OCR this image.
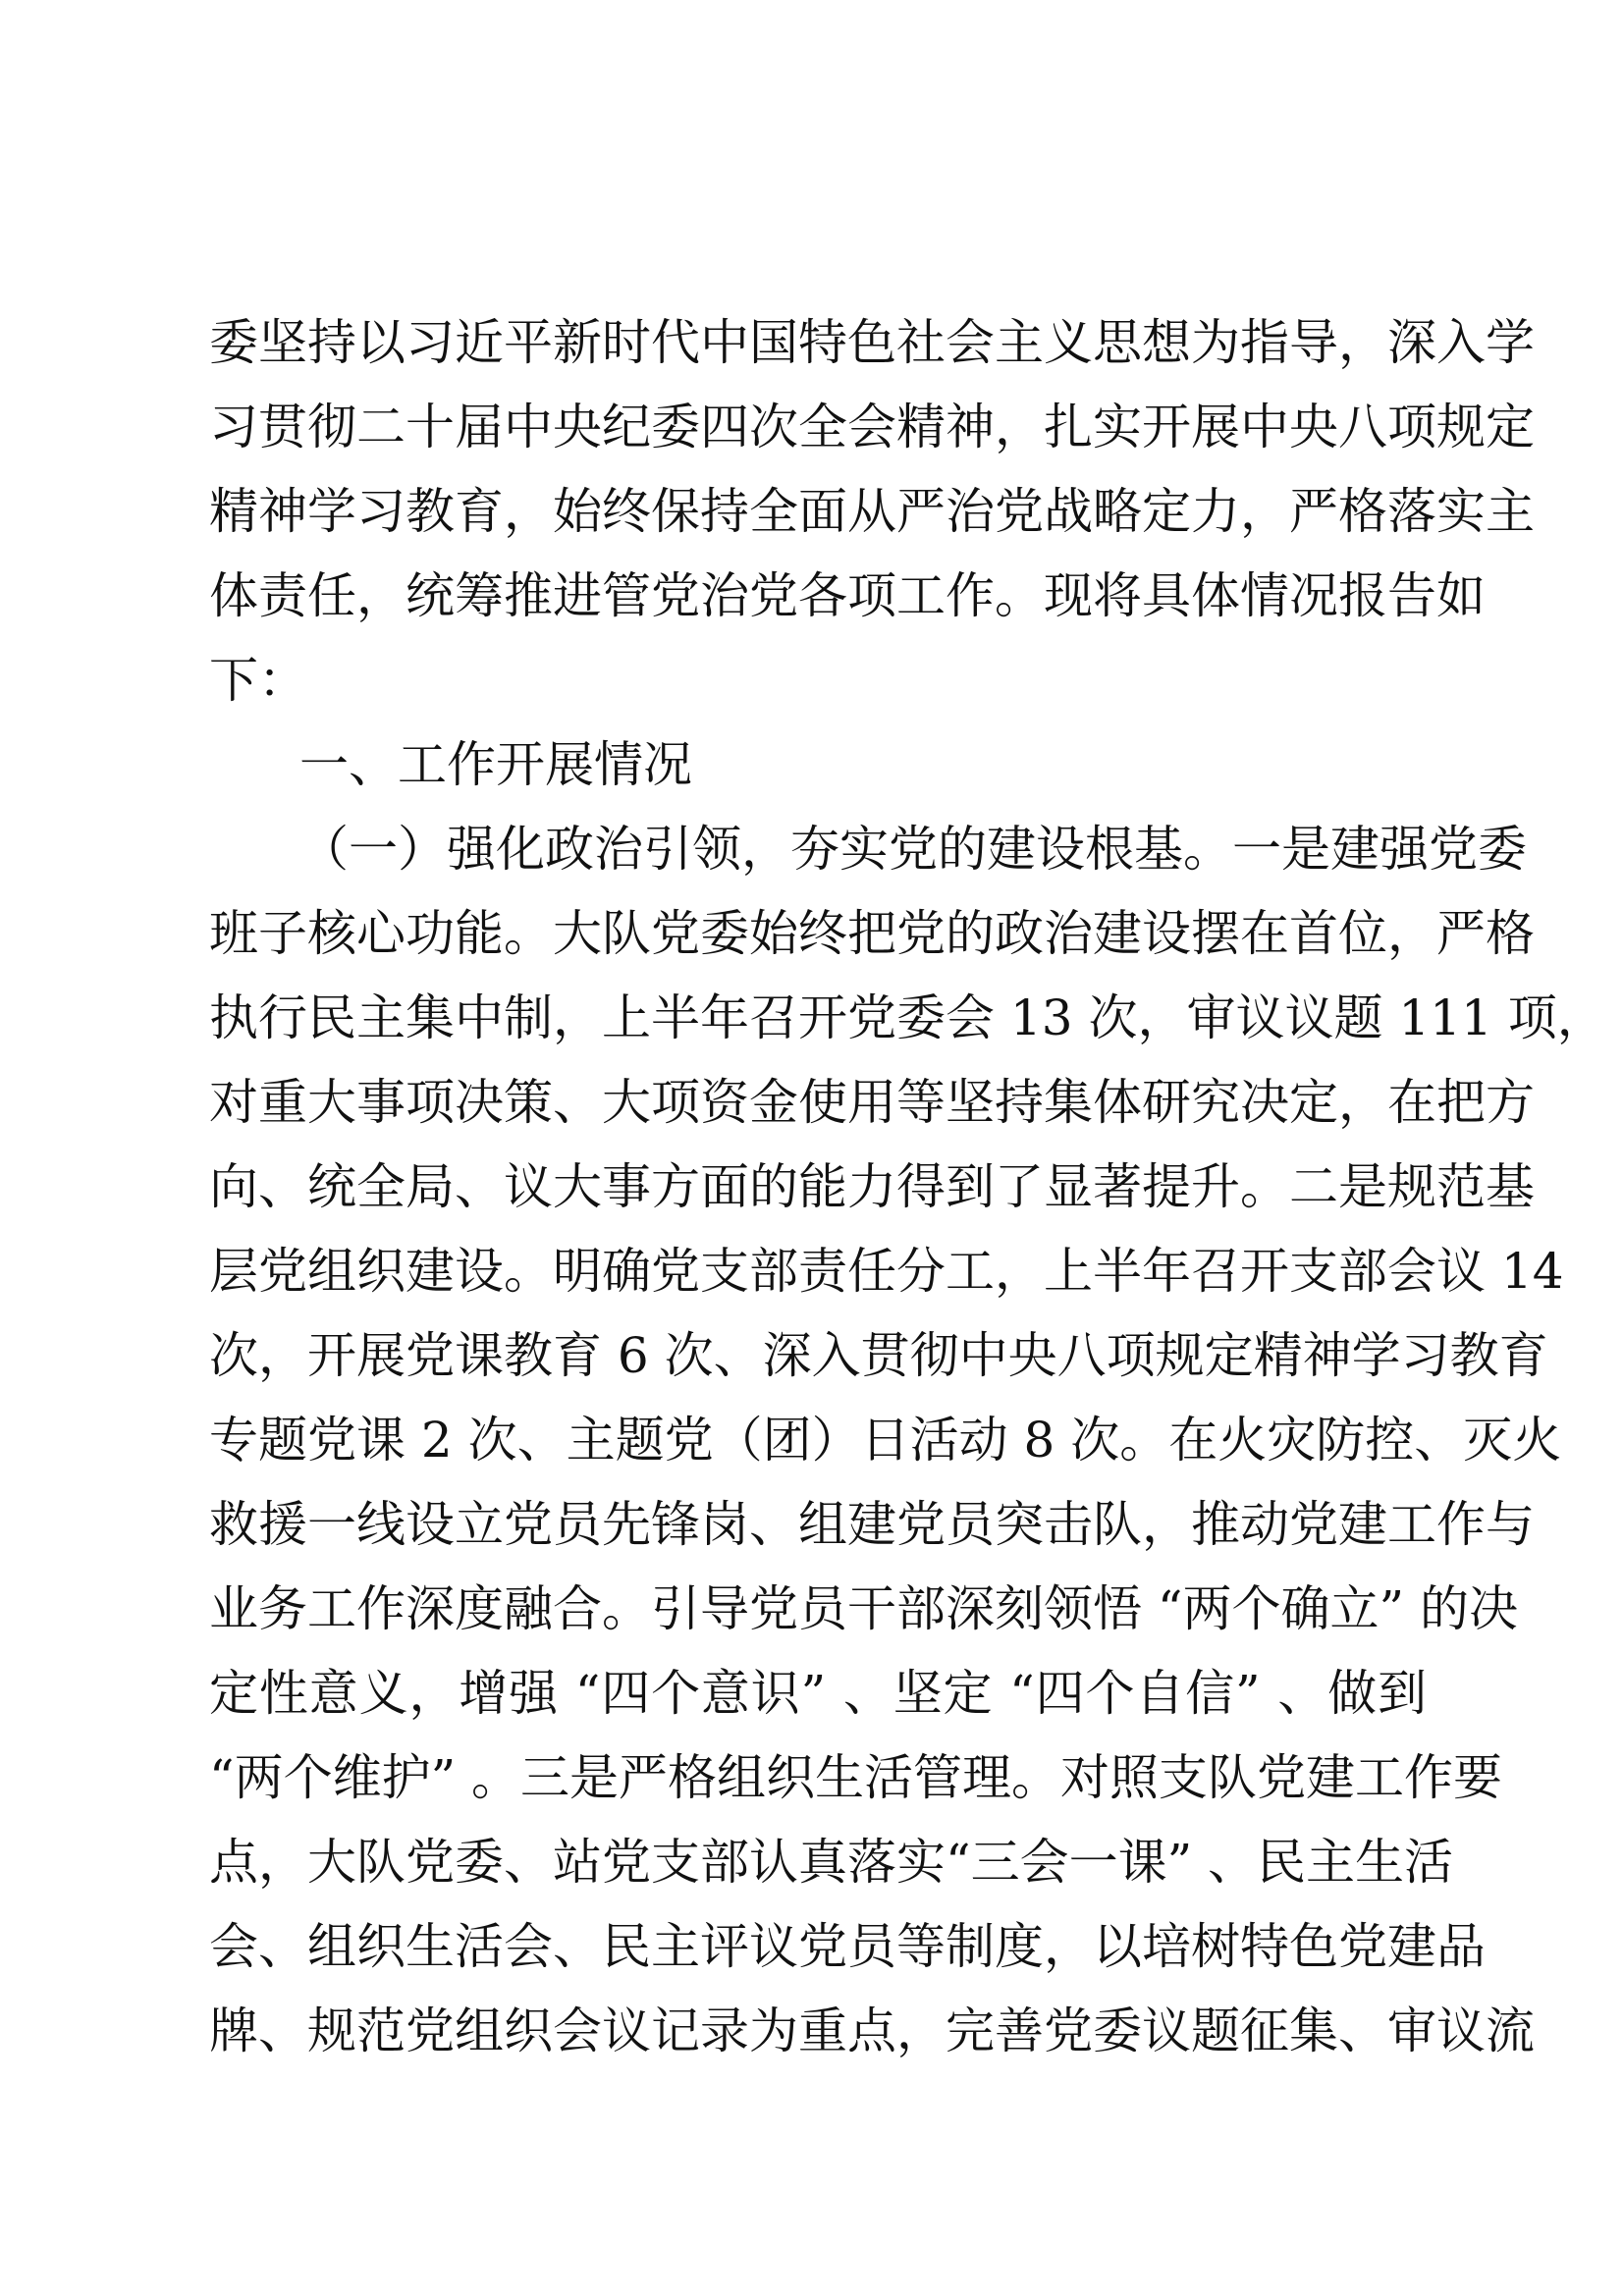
委 坚 持 以 习 近 平 新 时 代 中 国 特 色 社 会 主 义 思 想 为 指 导 ， 深 入 学
习 贯 彻 二 十 届 中 央 纪 委 四 次 全 会 精 神 ， 扎 实 开 展 中 央 八 项 规 定
精 神 学 习 教 育 ， 始 终 保 持 全 面 从 严 治 党 战 略 定 力 ， 严 格 落 实 主
体 责 任 ， 统 筹 推 进 管 党 治 党 各 项 工 作 。 现 将 具 体 情 况 报 告 如
下：
一、工作开展情况
（ 一 ） 强 化 政 治 引 领 ， 夯 实 党 的 建 设 根 基 。 一 是 建 强 党 委
班 子 核 心 功 能 。 大 队 党 委 始 终 把 党 的 政 治 建 设 摆 在 首 位 ， 严 格
执 行 民 主 集 中 制 ， 上 半 年 召 开 党 委 会
1 3
次 ， 审 议 议 题
1 1 1
项 ，
对 重 大 事 项 决 策 、 大 项 资 金 使 用 等 坚 持 集 体 研 究 决 定 ， 在 把 方
向 、 统 全 局 、 议 大 事 方 面 的 能 力 得 到 了 显 著 提 升 。 二 是 规 范 基
层 党 组 织 建 设 。 明 确 党 支 部 责 任 分 工 ， 上 半 年 召 开 支 部 会 议
1 4
次 ， 开 展 党 课 教 育
6
次 、 深 入 贯 彻 中 央 八 项 规 定 精 神 学 习 教 育
专 题 党 课
2
次 、 主 题 党 （ 团 ） 日 活 动
8
次 。 在 火 灾 防 控 、 灭 火
救 援 一 线 设 立 党 员 先 锋 岗 、 组 建 党 员 突 击 队 ， 推 动 党 建 工 作 与
业 务 工 作 深 度 融 合 。 引 导 党 员 干 部 深 刻 领 悟
“ 两 个 确 立 ”
的 决
定 性 意 义 ， 增 强
“ 四 个 意 识 ”
、 坚 定
“ 四 个 自 信 ”
、 做 到
“ 两 个 维 护 ”
。 三 是 严 格 组 织 生 活 管 理 。 对 照 支 队 党 建 工 作 要
点 ， 大 队 党 委 、 站 党 支 部 认 真 落 实 “ 三 会 一 课 ”
、 民 主 生 活
会 、 组 织 生 活 会 、 民 主 评 议 党 员 等 制 度 ， 以 培 树 特 色 党 建 品
牌 、 规 范 党 组 织 会 议 记 录 为 重 点 ， 完 善 党 委 议 题 征 集 、 审 议 流
